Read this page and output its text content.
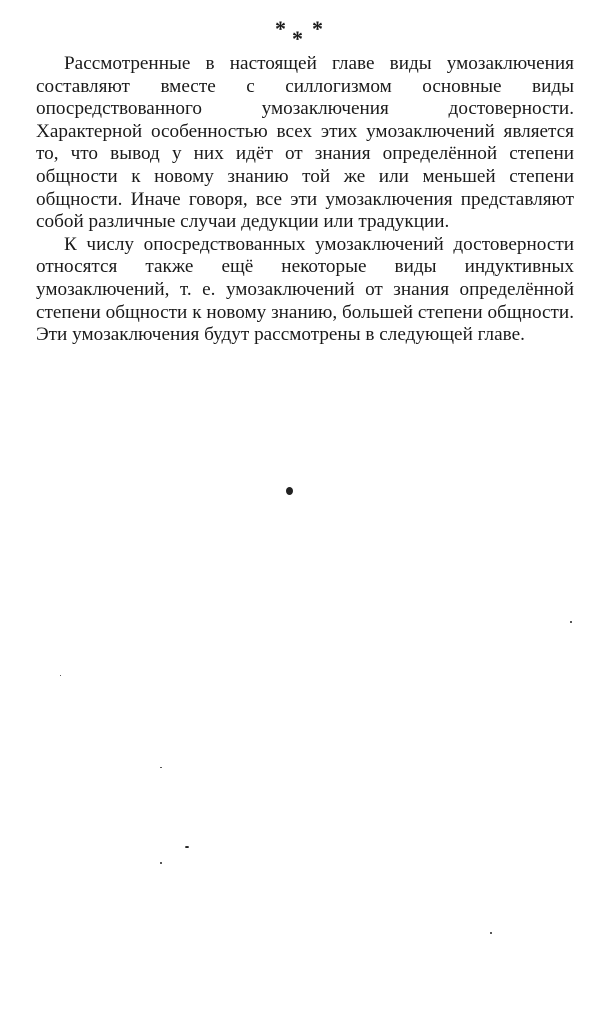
* * *

Рассмотренные в настоящей главе виды умозаключения составляют вместе с силлогизмом основные виды опосредствованного умозаключения достоверности. Характерной особенностью всех этих умозаключений является то, что вывод у них идёт от знания определённой степени общности к новому знанию той же или меньшей степени общности. Иначе говоря, все эти умозаключения представляют собой различные случаи дедукции или традукции.

К числу опосредствованных умозаключений достоверности относятся также ещё некоторые виды индуктивных умозаключений, т. е. умозаключений от знания определённой степени общности к новому знанию, большей степени общности. Эти умозаключения будут рассмотрены в следующей главе.
